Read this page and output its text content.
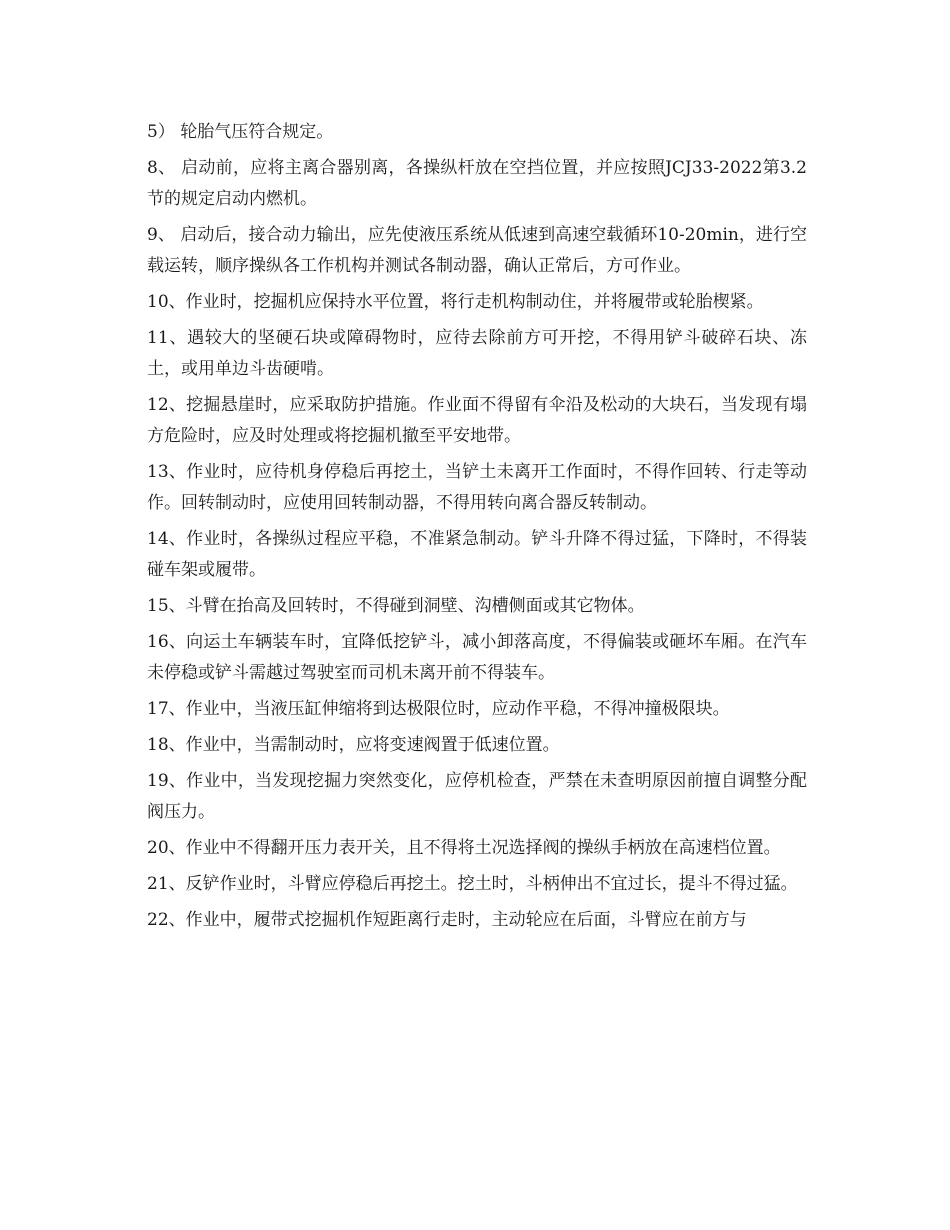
5） 轮胎气压符合规定。

8、 启动前，应将主离合器别离，各操纵杆放在空挡位置，并应按照JCJ33-2022第3.2节的规定启动内燃机。

9、 启动后，接合动力输出，应先使液压系统从低速到高速空载循环10-20min，进行空载运转，顺序操纵各工作机构并测试各制动器，确认正常后，方可作业。

10、作业时，挖掘机应保持水平位置，将行走机构制动住，并将履带或轮胎楔紧。

11、遇较大的坚硬石块或障碍物时，应待去除前方可开挖，不得用铲斗破碎石块、冻土，或用单边斗齿硬啃。

12、挖掘悬崖时，应采取防护措施。作业面不得留有伞沿及松动的大块石，当发现有塌方危险时，应及时处理或将挖掘机撤至平安地带。

13、作业时，应待机身停稳后再挖土，当铲土未离开工作面时，不得作回转、行走等动作。回转制动时，应使用回转制动器，不得用转向离合器反转制动。

14、作业时，各操纵过程应平稳，不准紧急制动。铲斗升降不得过猛，下降时，不得装碰车架或履带。

15、斗臂在抬高及回转时，不得碰到洞壁、沟槽侧面或其它物体。

16、向运土车辆装车时，宜降低挖铲斗，减小卸落高度，不得偏装或砸坏车厢。在汽车未停稳或铲斗需越过驾驶室而司机未离开前不得装车。

17、作业中，当液压缸伸缩将到达极限位时，应动作平稳，不得冲撞极限块。

18、作业中，当需制动时，应将变速阀置于低速位置。

19、作业中，当发现挖掘力突然变化，应停机检查，严禁在未查明原因前擅自调整分配阀压力。

20、作业中不得翻开压力表开关，且不得将土况选择阀的操纵手柄放在高速档位置。

21、反铲作业时，斗臂应停稳后再挖土。挖土时，斗柄伸出不宜过长，提斗不得过猛。

22、作业中，履带式挖掘机作短距离行走时，主动轮应在后面，斗臂应在前方与
